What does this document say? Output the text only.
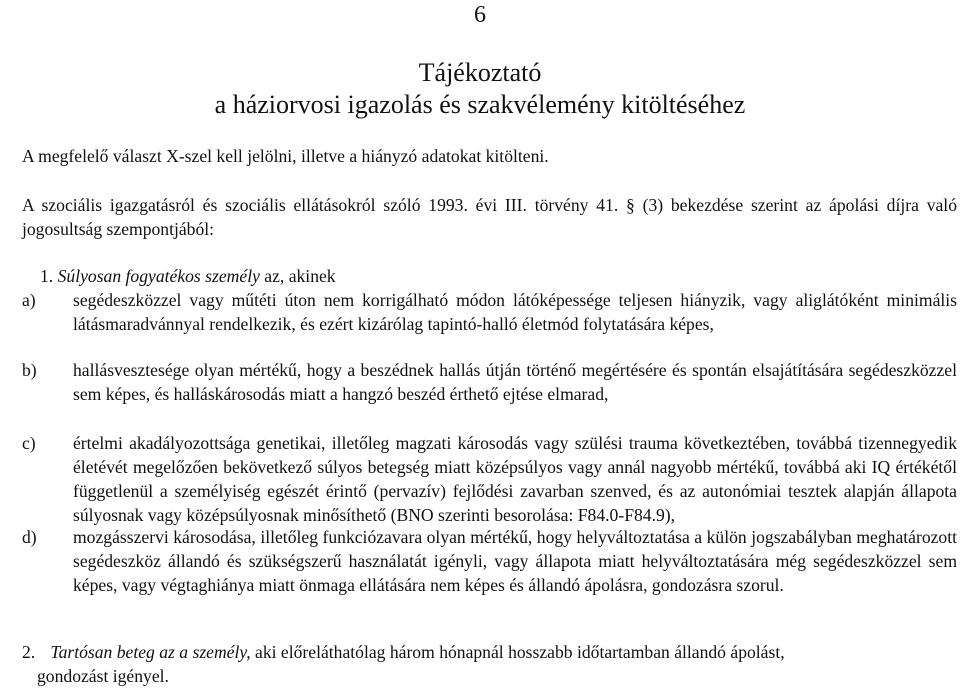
6
Tájékoztató
a háziorvosi igazolás és szakvélemény kitöltéséhez
A megfelelő választ X-szel kell jelölni, illetve a hiányzó adatokat kitölteni.
A szociális igazgatásról és szociális ellátásokról szóló 1993. évi III. törvény 41. § (3) bekezdése szerint az ápolási díjra való jogosultság szempontjából:
1. Súlyosan fogyatékos személy az, akinek
a)	segédeszközzel vagy műtéti úton nem korrigálható módon látóképessége teljesen hiányzik, vagy aliglátóként minimális látásmaradvánnyal rendelkezik, és ezért kizárólag tapintó-halló életmód folytatására képes,
b)	hallásvesztesége olyan mértékű, hogy a beszédnek hallás útján történő megértésére és spontán elsajátítására segédeszközzel sem képes, és halláskárosodás miatt a hangzó beszéd érthető ejtése elmarad,
c)	értelmi akadályozottsága genetikai, illetőleg magzati károsodás vagy szülési trauma következtében, továbbá tizennegyedik életévét megelőzően bekövetkező súlyos betegség miatt középsúlyos vagy annál nagyobb mértékű, továbbá aki IQ értékétől függetlenül a személyiség egészét érintő (pervazív) fejlődési zavarban szenved, és az autonómiai tesztek alapján állapota súlyosnak vagy középsúlyosnak minősíthető (BNO szerinti besorolása: F84.0-F84.9),
d)	mozgásszervi károsodása, illetőleg funkciózavara olyan mértékű, hogy helyváltoztatása a külön jogszabályban meghatározott segédeszköz állandó és szükségszerű használatát igényli, vagy állapota miatt helyváltoztatására még segédeszközzel sem képes, vagy végtaghiánya miatt önmaga ellátására nem képes és állandó ápolásra, gondozásra szorul.
2. Tartósan beteg az a személy, aki előreláthatólag három hónapnál hosszabb időtartamban állandó ápolást,
gondozást igényel.
